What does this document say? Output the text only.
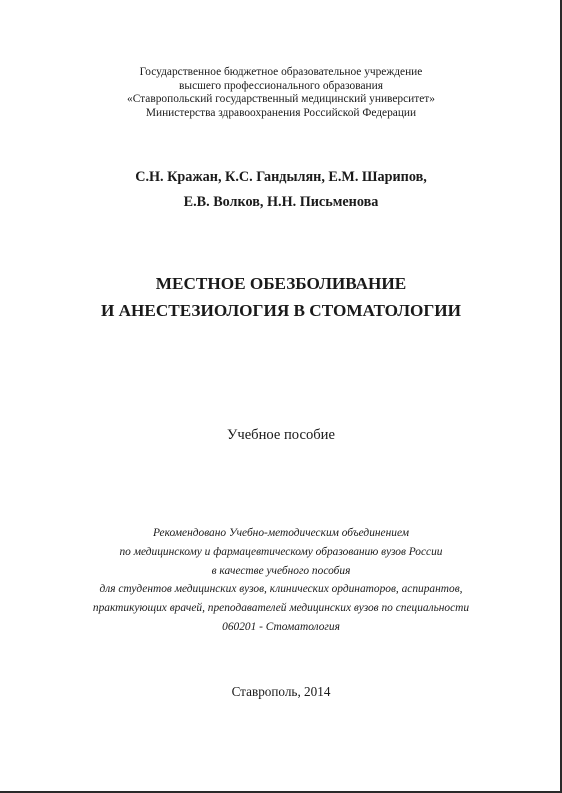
Государственное бюджетное образовательное учреждение
высшего профессионального образования
«Ставропольский государственный медицинский университет»
Министерства здравоохранения Российской Федерации
С.Н. Кражан, К.С. Гандылян, Е.М. Шарипов,
Е.В. Волков, Н.Н. Письменова
МЕСТНОЕ ОБЕЗБОЛИВАНИЕ
И АНЕСТЕЗИОЛОГИЯ В СТОМАТОЛОГИИ
Учебное пособие
Рекомендовано Учебно-методическим объединением
по медицинскому и фармацевтическому образованию вузов России
в качестве учебного пособия
для студентов медицинских вузов, клинических ординаторов, аспирантов,
практикующих врачей, преподавателей медицинских вузов по специальности
060201 - Стоматология
Ставрополь, 2014
